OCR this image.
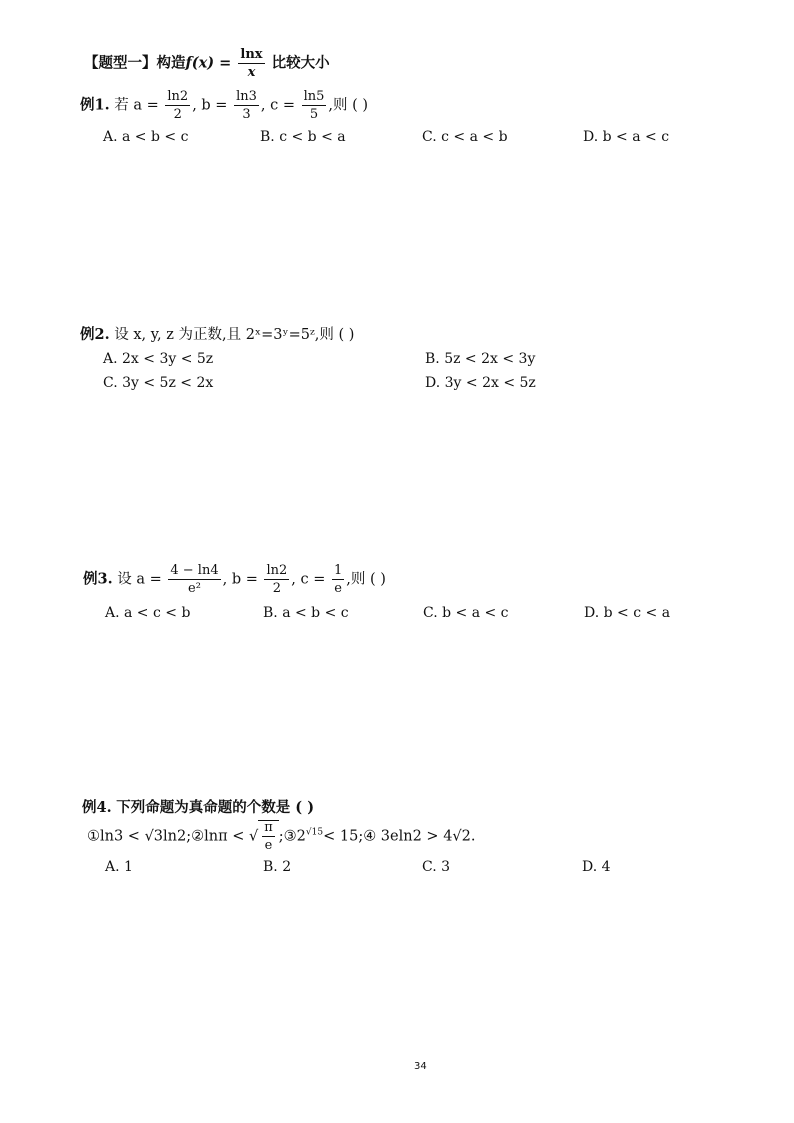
【题型一】构造$f(x) = \frac{\ln x}{x}$ 比较大小
例1. 若 $a = \frac{\ln 2}{2}$ , $b = \frac{\ln 3}{3}$ , $c = \frac{\ln 5}{5}$ ,则 ( )
A. a < b < c	B. c < b < a	C. c < a < b	D. b < a < c
例2. 设 x, y, z 为正数,且 2ˣ=3ʸ=5ᶻ,则 ( )
A. 2x < 3y < 5z	B. 5z < 2x < 3y
C. 3y < 5z < 2x	D. 3y < 2x < 5z
例3. 设 $a = \frac{4 - \ln 4}{\text{e²}}$ , $b = \frac{\ln 2}{2}$ , $c = \frac{1}{e}$ ,则 ( )
A. a < c < b	B. a < b < c	C. b < a < c	D. b < c < a
例4. 下列命题为真命题的个数是 ( )
①ln3 < √3ln2;②lnπ < √ $\frac{\pi}{e}$ $;③2^{√15}<$ 15;④ 3eln2 > 4√2.
A. 1	B. 2	C. 3	D. 4
34
